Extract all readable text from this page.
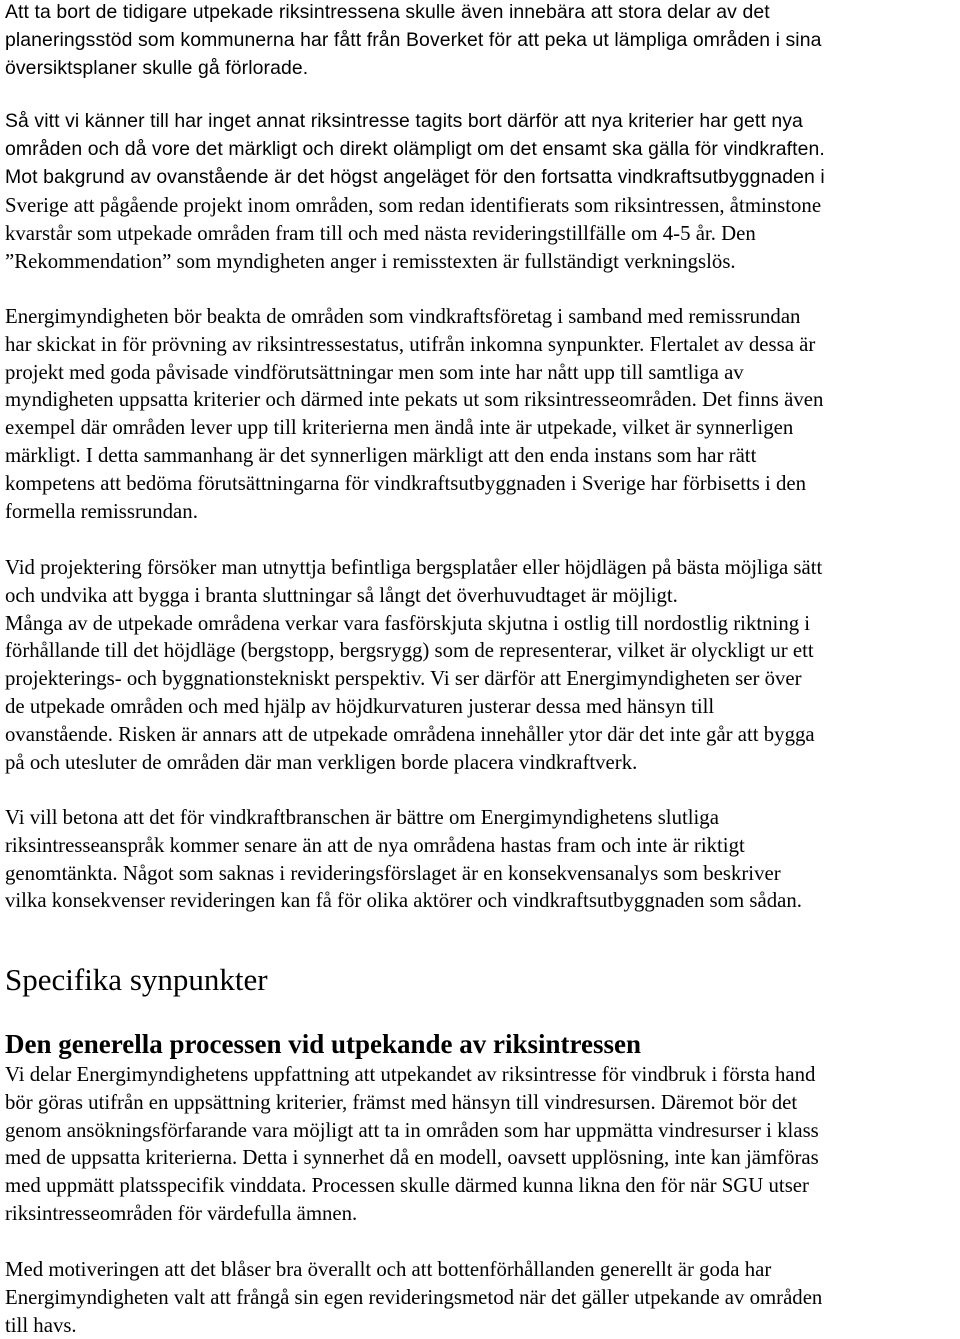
Att ta bort de tidigare utpekade riksintressena skulle även innebära att stora delar av det
planeringsstöd som kommunerna har fått från Boverket för att peka ut lämpliga områden i sina
översiktsplaner skulle gå förlorade.
Så vitt vi känner till har inget annat riksintresse tagits bort därför att nya kriterier har gett nya
områden och då vore det märkligt och direkt olämpligt om det ensamt ska gälla för vindkraften.
Mot bakgrund av ovanstående är det högst angeläget för den fortsatta vindkraftsutbyggnaden i
Sverige att pågående projekt inom områden, som redan identifierats som riksintressen, åtminstone
kvarstår som utpekade områden fram till och med nästa revideringstillfälle om 4-5 år. Den
”Rekommendation” som myndigheten anger i remisstexten är fullständigt verkningslös.
Energimyndigheten bör beakta de områden som vindkraftsföretag i samband med remissrundan
har skickat in för prövning av riksintressestatus, utifrån inkomna synpunkter. Flertalet av dessa är
projekt med goda påvisade vindförutsättningar men som inte har nått upp till samtliga av
myndigheten uppsatta kriterier och därmed inte pekats ut som riksintresseområden. Det finns även
exempel där områden lever upp till kriterierna men ändå inte är utpekade, vilket är synnerligen
märkligt. I detta sammanhang är det synnerligen märkligt att den enda instans som har rätt
kompetens att bedöma förutsättningarna för vindkraftsutbyggnaden i Sverige har förbisetts i den
formella remissrundan.
Vid projektering försöker man utnyttja befintliga bergsplatåer eller höjdlägen på bästa möjliga sätt
och undvika att bygga i branta sluttningar så långt det överhuvudtaget är möjligt.
Många av de utpekade områdena verkar vara fasförskjuta skjutna i ostlig till nordostlig riktning i
förhållande till det höjdläge (bergstopp, bergsrygg) som de representerar, vilket är olyckligt ur ett
projekterings- och byggnationstekniskt perspektiv. Vi ser därför att Energimyndigheten ser över
de utpekade områden och med hjälp av höjdkurvaturen justerar dessa med hänsyn till
ovanstående. Risken är annars att de utpekade områdena innehåller ytor där det inte går att bygga
på och utesluter de områden där man verkligen borde placera vindkraftverk.
Vi vill betona att det för vindkraftbranschen är bättre om Energimyndighetens slutliga
riksintresseanspråk kommer senare än att de nya områdena hastas fram och inte är riktigt
genomtänkta. Något som saknas i revideringsförslaget är en konsekvensanalys som beskriver
vilka konsekvenser revideringen kan få för olika aktörer och vindkraftsutbyggnaden som sådan.
Specifika synpunkter
Den generella processen vid utpekande av riksintressen
Vi delar Energimyndighetens uppfattning att utpekandet av riksintresse för vindbruk i första hand
bör göras utifrån en uppsättning kriterier, främst med hänsyn till vindresursen. Däremot bör det
genom ansökningsförfarande vara möjligt att ta in områden som har uppmätta vindresurser i klass
med de uppsatta kriterierna. Detta i synnerhet då en modell, oavsett upplösning, inte kan jämföras
med uppmätt platsspecifik vinddata. Processen skulle därmed kunna likna den för när SGU utser
riksintresseområden för värdefulla ämnen.
Med motiveringen att det blåser bra överallt och att bottenförhållanden generellt är goda har
Energimyndigheten valt att frångå sin egen revideringsmetod när det gäller utpekande av områden
till havs.
